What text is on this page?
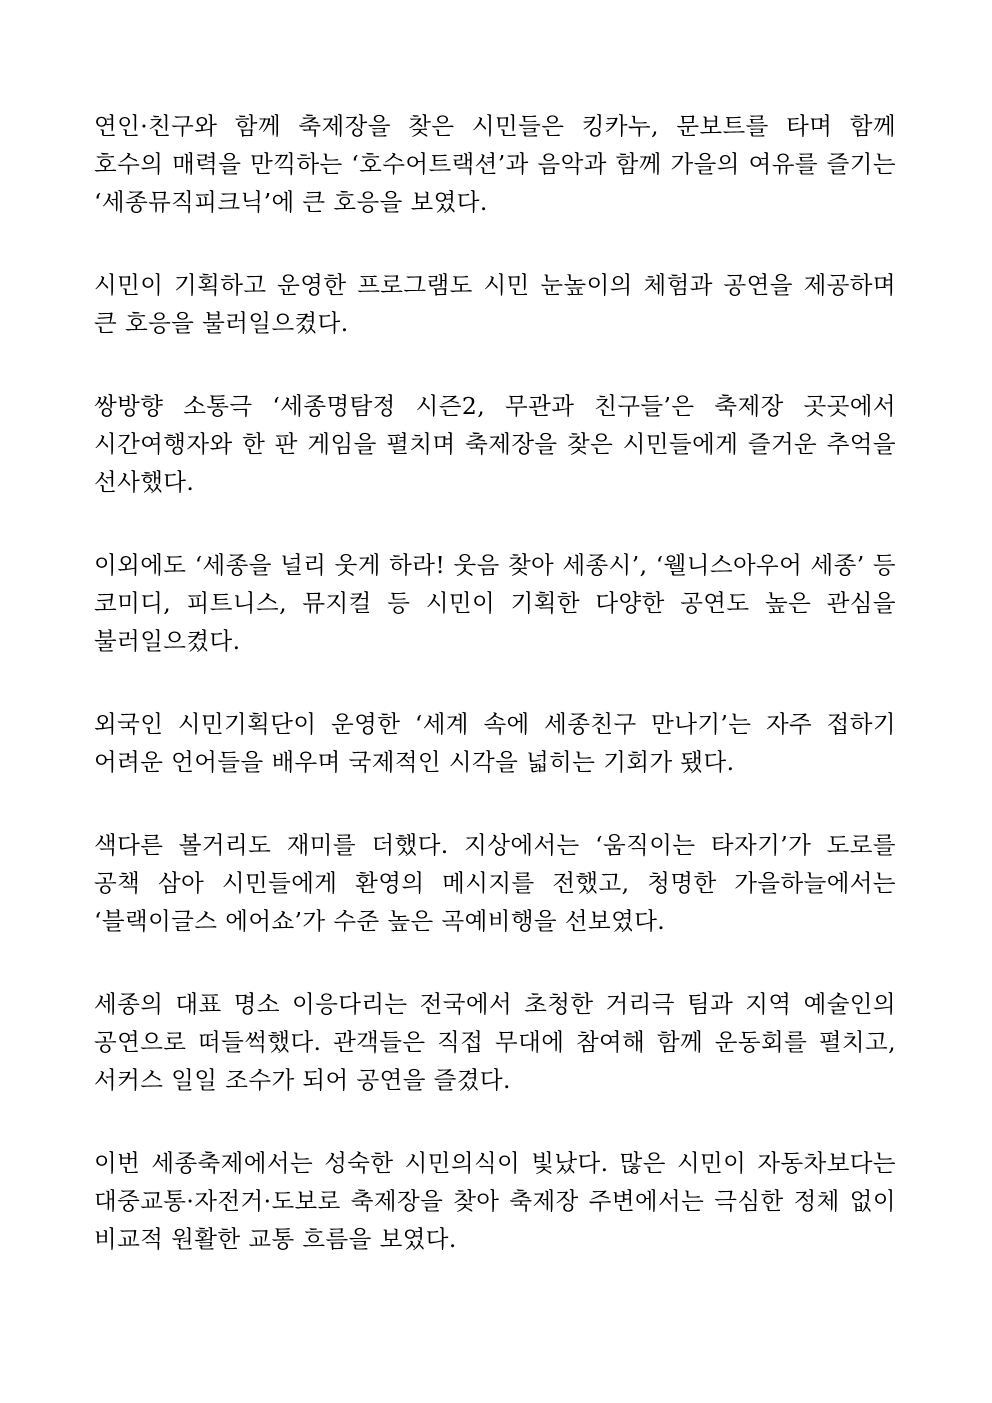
연인·친구와 함께 축제장을 찾은 시민들은 킹카누, 문보트를 타며 함께 호수의 매력을 만끽하는 ‘호수어트랙션’과 음악과 함께 가을의 여유를 즐기는 ‘세종뮤직피크닉’에 큰 호응을 보였다.

시민이 기획하고 운영한 프로그램도 시민 눈높이의 체험과 공연을 제공하며 큰 호응을 불러일으켰다.

쌍방향 소통극 ‘세종명탐정 시즌2, 무관과 친구들’은 축제장 곳곳에서 시간여행자와 한 판 게임을 펼치며 축제장을 찾은 시민들에게 즐거운 추억을 선사했다.

이외에도 ‘세종을 널리 웃게 하라! 웃음 찾아 세종시’, ‘웰니스아우어 세종’ 등 코미디, 피트니스, 뮤지컬 등 시민이 기획한 다양한 공연도 높은 관심을 불러일으켰다.

외국인 시민기획단이 운영한 ‘세계 속에 세종친구 만나기’는 자주 접하기 어려운 언어들을 배우며 국제적인 시각을 넓히는 기회가 됐다.

색다른 볼거리도 재미를 더했다. 지상에서는 ‘움직이는 타자기’가 도로를 공책 삼아 시민들에게 환영의 메시지를 전했고, 청명한 가을하늘에서는 ‘블랙이글스 에어쇼’가 수준 높은 곡예비행을 선보였다.

세종의 대표 명소 이응다리는 전국에서 초청한 거리극 팀과 지역 예술인의 공연으로 떠들썩했다. 관객들은 직접 무대에 참여해 함께 운동회를 펼치고, 서커스 일일 조수가 되어 공연을 즐겼다.

이번 세종축제에서는 성숙한 시민의식이 빛났다. 많은 시민이 자동차보다는 대중교통·자전거·도보로 축제장을 찾아 축제장 주변에서는 극심한 정체 없이 비교적 원활한 교통 흐름을 보였다.
